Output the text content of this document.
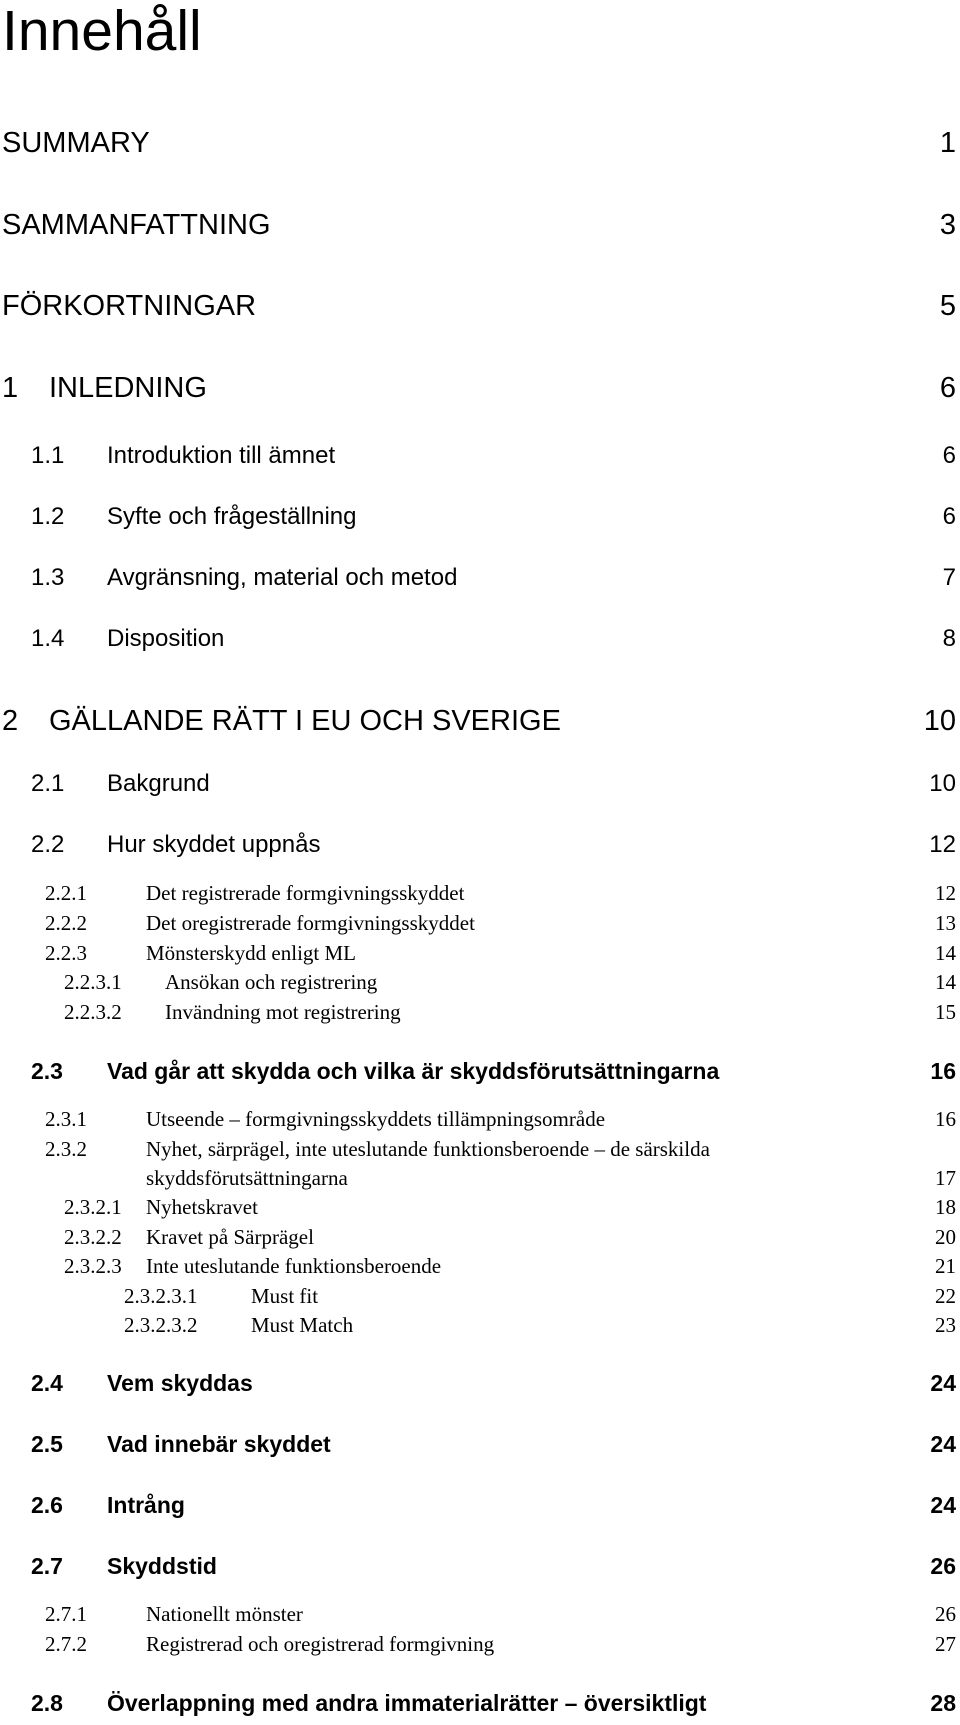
Innehåll
SUMMARY	1
SAMMANFATTNING	3
FÖRKORTNINGAR	5
1 INLEDNING	6
1.1 Introduktion till ämnet	6
1.2 Syfte och frågeställning	6
1.3 Avgränsning, material och metod	7
1.4 Disposition	8
2 GÄLLANDE RÄTT I EU OCH SVERIGE	10
2.1 Bakgrund	10
2.2 Hur skyddet uppnås	12
2.2.1	Det registrerade formgivningsskyddet	12
2.2.2	Det oregistrerade formgivningsskyddet	13
2.2.3	Mönsterskydd enligt ML	14
2.2.3.1 Ansökan och registrering	14
2.2.3.2 Invändning mot registrering	15
2.3 Vad går att skydda och vilka är skyddsförutsättningarna	16
2.3.1	Utseende – formgivningsskyddets tillämpningsområde	16
2.3.2	Nyhet, särprägel, inte uteslutande funktionsberoende – de särskilda
skyddsförutsättningarna	17
2.3.2.1 Nyhetskravet	18
2.3.2.2 Kravet på Särprägel	20
2.3.2.3 Inte uteslutande funktionsberoende	21
2.3.2.3.1	Must fit	22
2.3.2.3.2	Must Match	23
2.4 Vem skyddas	24
2.5 Vad innebär skyddet	24
2.6 Intrång	24
2.7 Skyddstid	26
2.7.1	Nationellt mönster	26
2.7.2	Registrerad och oregistrerad formgivning	27
2.8 Överlappning med andra immaterialrätter – översiktligt	28
